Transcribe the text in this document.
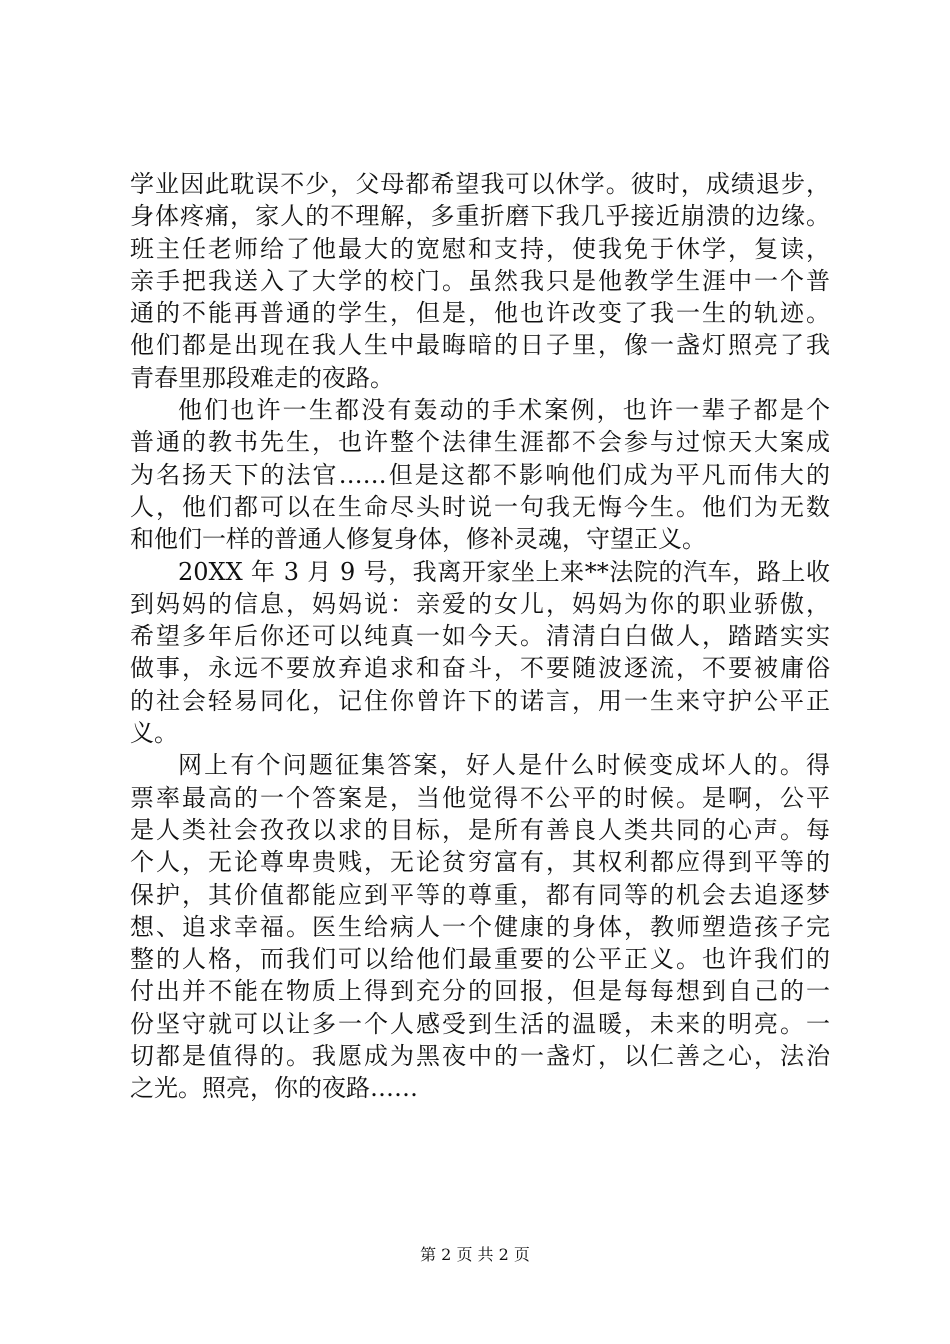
学业因此耽误不少，父母都希望我可以休学。彼时，成绩退步，
身体疼痛，家人的不理解，多重折磨下我几乎接近崩溃的边缘。
班主任老师给了他最大的宽慰和支持，使我免于休学，复读，
亲手把我送入了大学的校门。虽然我只是他教学生涯中一个普
通的不能再普通的学生，但是，他也许改变了我一生的轨迹。
他们都是出现在我人生中最晦暗的日子里，像一盏灯照亮了我
青春里那段难走的夜路。
他们也许一生都没有轰动的手术案例，也许一辈子都是个
普通的教书先生，也许整个法律生涯都不会参与过惊天大案成
为名扬天下的法官……但是这都不影响他们成为平凡而伟大的
人，他们都可以在生命尽头时说一句我无悔今生。他们为无数
和他们一样的普通人修复身体，修补灵魂，守望正义。
20XX 年 3 月 9 号，我离开家坐上来**法院的汽车，路上收
到妈妈的信息，妈妈说：亲爱的女儿，妈妈为你的职业骄傲，
希望多年后你还可以纯真一如今天。清清白白做人，踏踏实实
做事，永远不要放弃追求和奋斗，不要随波逐流，不要被庸俗
的社会轻易同化，记住你曾许下的诺言，用一生来守护公平正
义。
网上有个问题征集答案，好人是什么时候变成坏人的。得
票率最高的一个答案是，当他觉得不公平的时候。是啊，公平
是人类社会孜孜以求的目标，是所有善良人类共同的心声。每
个人，无论尊卑贵贱，无论贫穷富有，其权利都应得到平等的
保护，其价值都能应到平等的尊重，都有同等的机会去追逐梦
想、追求幸福。医生给病人一个健康的身体，教师塑造孩子完
整的人格，而我们可以给他们最重要的公平正义。也许我们的
付出并不能在物质上得到充分的回报，但是每每想到自己的一
份坚守就可以让多一个人感受到生活的温暖，未来的明亮。一
切都是值得的。我愿成为黑夜中的一盏灯，以仁善之心，法治
之光。照亮，你的夜路……
第 2 页 共 2 页
